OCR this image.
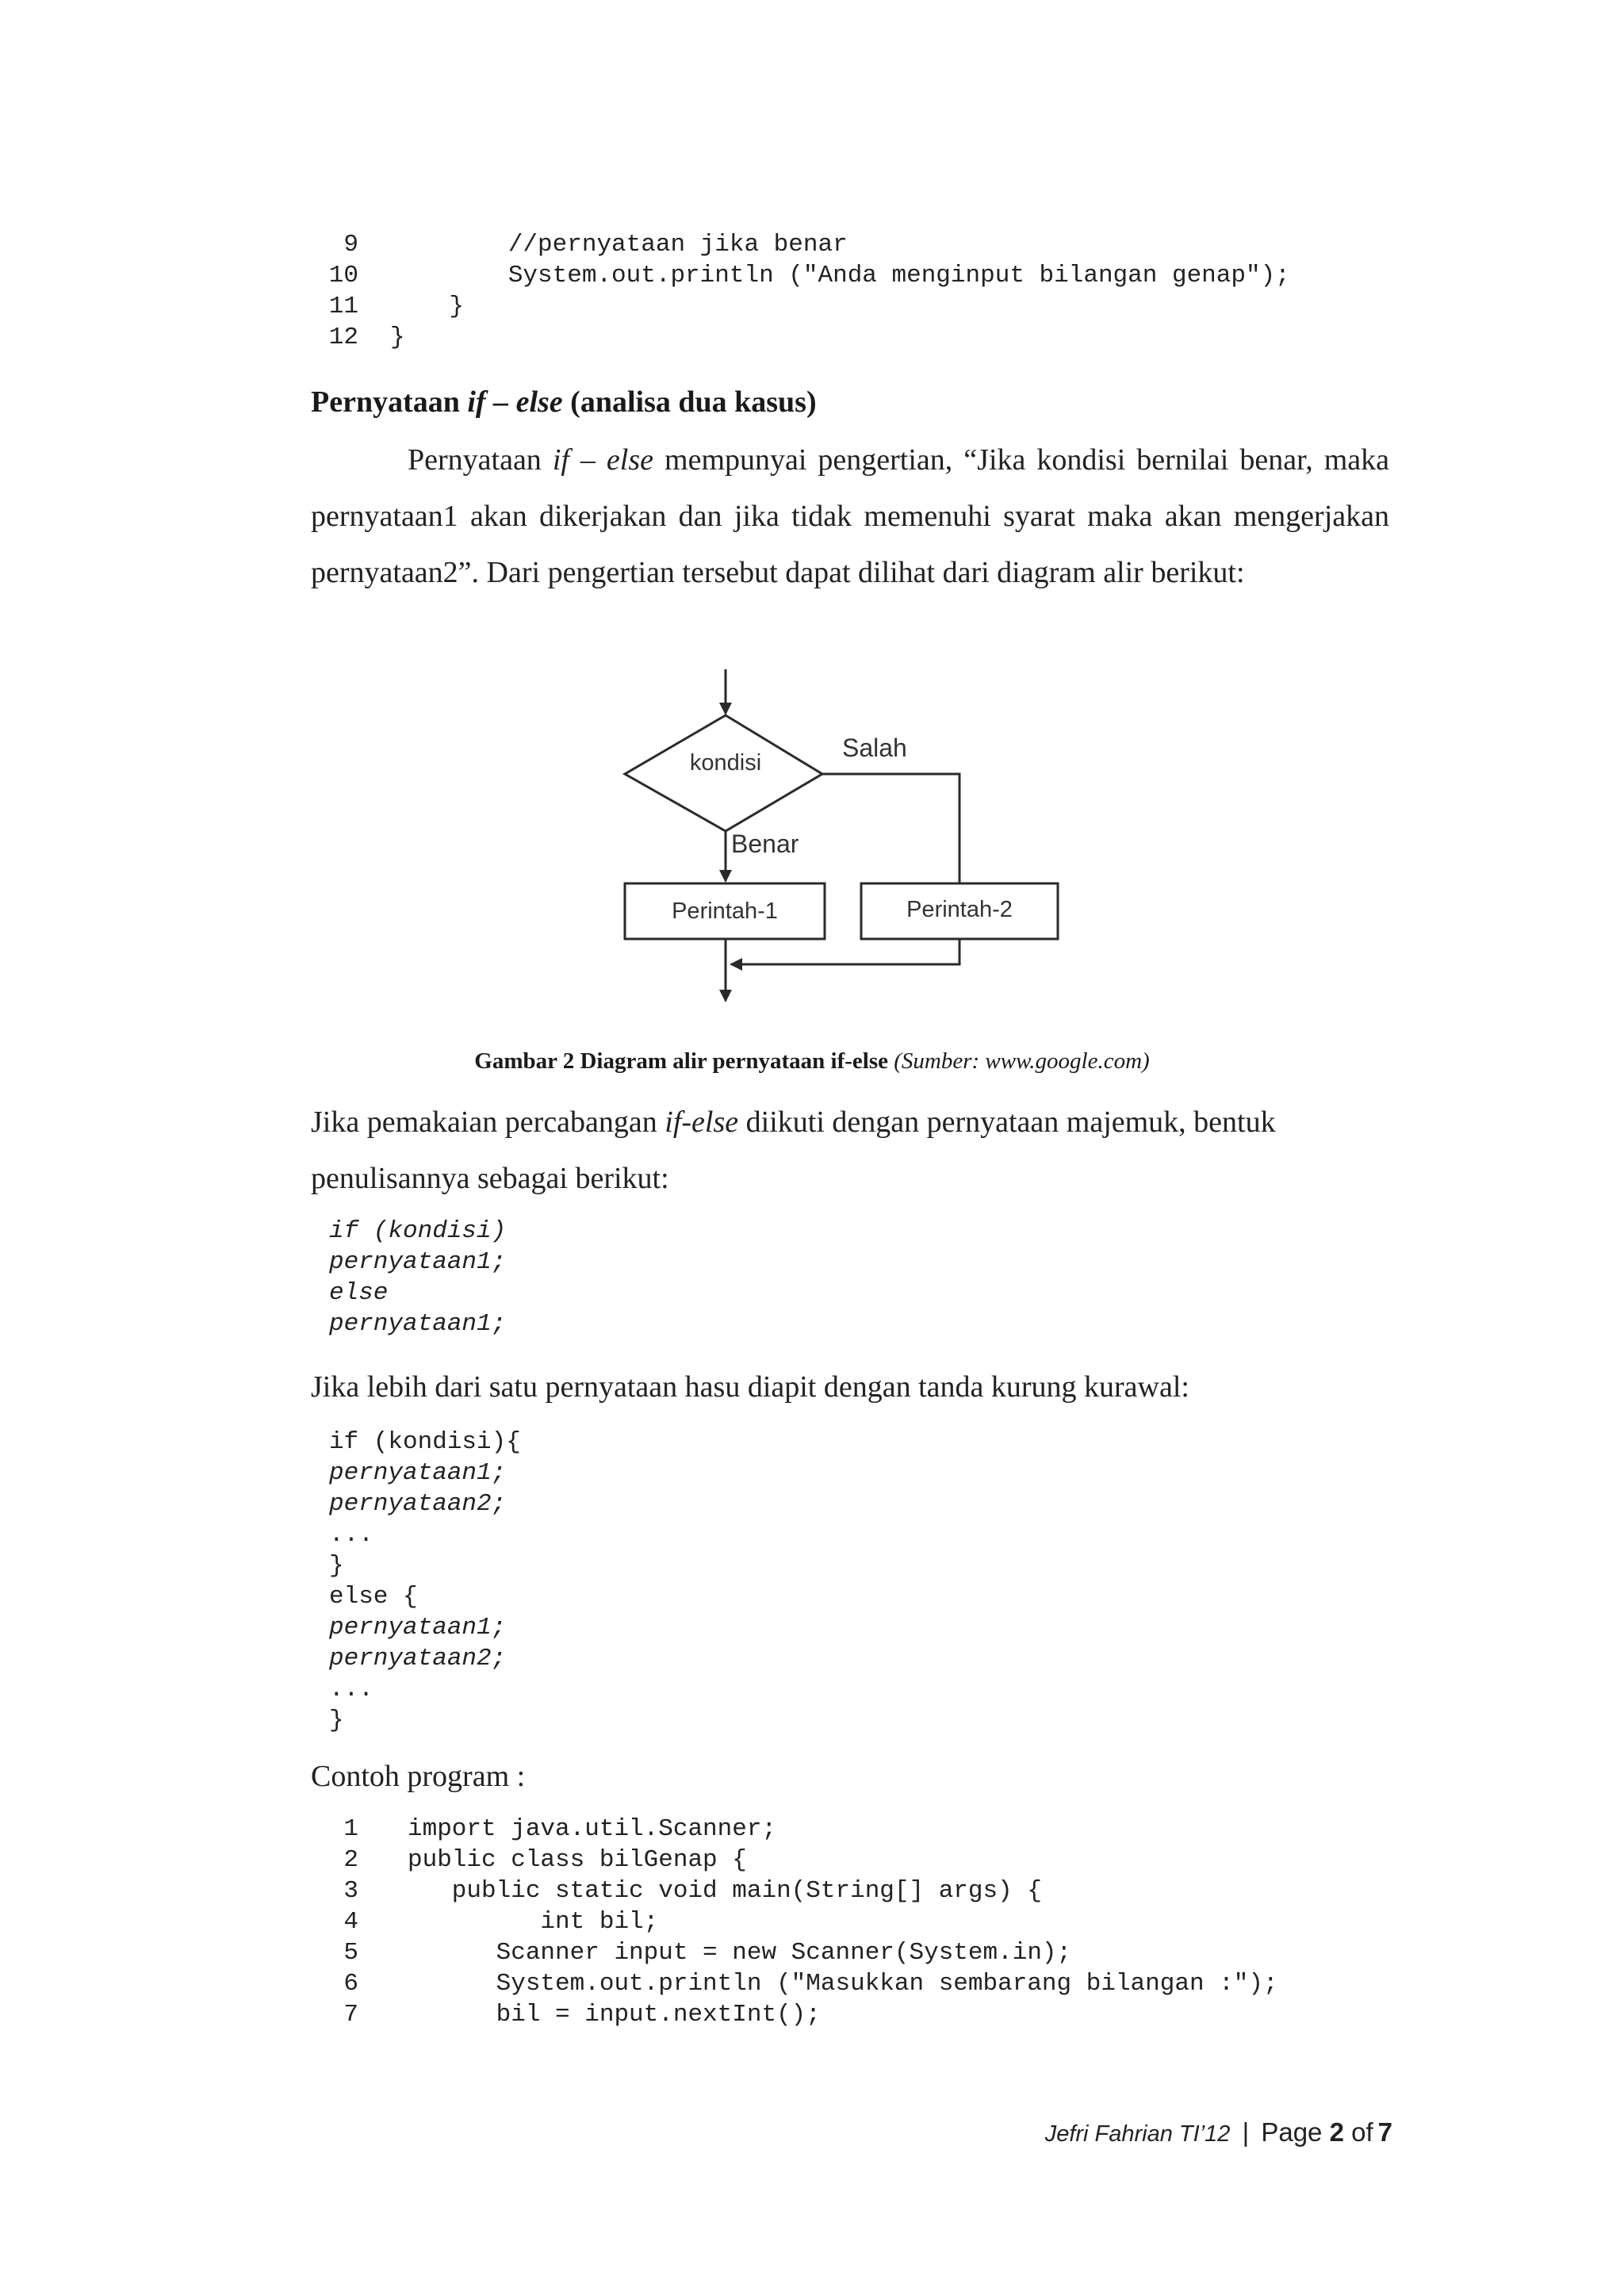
9        //pernyataan jika benar
10        System.out.println ("Anda menginput bilangan genap");
11    }
12 }
Pernyataan if – else (analisa dua kasus)
Pernyataan if – else mempunyai pengertian, “Jika kondisi bernilai benar, maka pernyataan1 akan dikerjakan dan jika tidak memenuhi syarat maka akan mengerjakan pernyataan2”. Dari pengertian tersebut dapat dilihat dari diagram alir berikut:
kondisi
Salah
Benar
Perintah-1	Perintah-2
Gambar 2 Diagram alir pernyataan if-else (Sumber: www.google.com)
Jika pemakaian percabangan if-else diikuti dengan pernyataan majemuk, bentuk penulisannya sebagai berikut:
if (kondisi)
pernyataan1;
else
pernyataan1;
Jika lebih dari satu pernyataan hasu diapit dengan tanda kurung kurawal:
if (kondisi){
pernyataan1;
pernyataan2;
...
}
else {
pernyataan1;
pernyataan2;
...
}
Contoh program :
1 import java.util.Scanner;
2 public class bilGenap {
3   public static void main(String[] args) {
4         int bil;
5      Scanner input = new Scanner(System.in);
6      System.out.println ("Masukkan sembarang bilangan :");
7      bil = input.nextInt();
Jefri Fahrian TI’12 | Page 2 of 7
